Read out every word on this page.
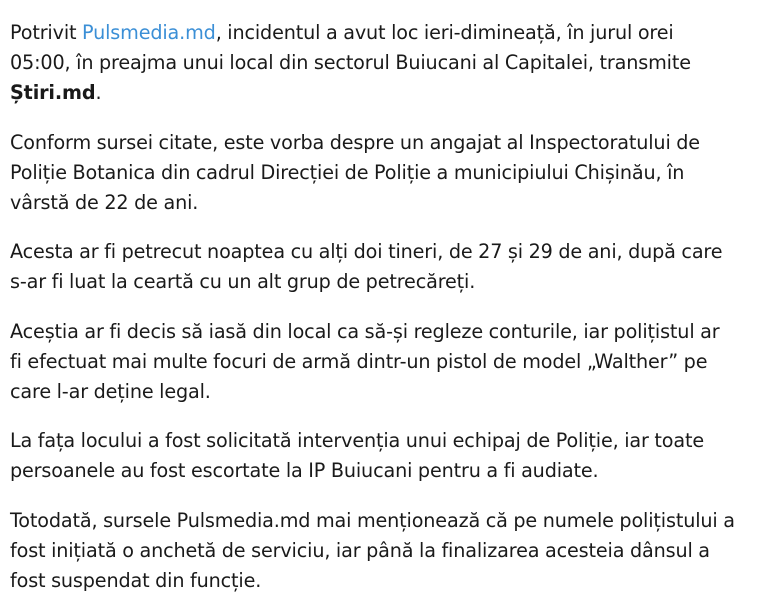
Potrivit Pulsmedia.md, incidentul a avut loc ieri-dimineață, în jurul orei 05:00, în preajma unui local din sectorul Buiucani al Capitalei, transmite Știri.md.

Conform sursei citate, este vorba despre un angajat al Inspectoratului de Poliție Botanica din cadrul Direcției de Poliție a municipiului Chișinău, în vârstă de 22 de ani.

Acesta ar fi petrecut noaptea cu alți doi tineri, de 27 și 29 de ani, după care s-ar fi luat la ceartă cu un alt grup de petrecăreți.

Aceștia ar fi decis să iasă din local ca să-și regleze conturile, iar polițistul ar fi efectuat mai multe focuri de armă dintr-un pistol de model „Walther” pe care l-ar deține legal.

La fața locului a fost solicitată intervenția unui echipaj de Poliție, iar toate persoanele au fost escortate la IP Buiucani pentru a fi audiate.

Totodată, sursele Pulsmedia.md mai menționează că pe numele polițistului a fost inițiată o anchetă de serviciu, iar până la finalizarea acesteia dânsul a fost suspendat din funcție.
